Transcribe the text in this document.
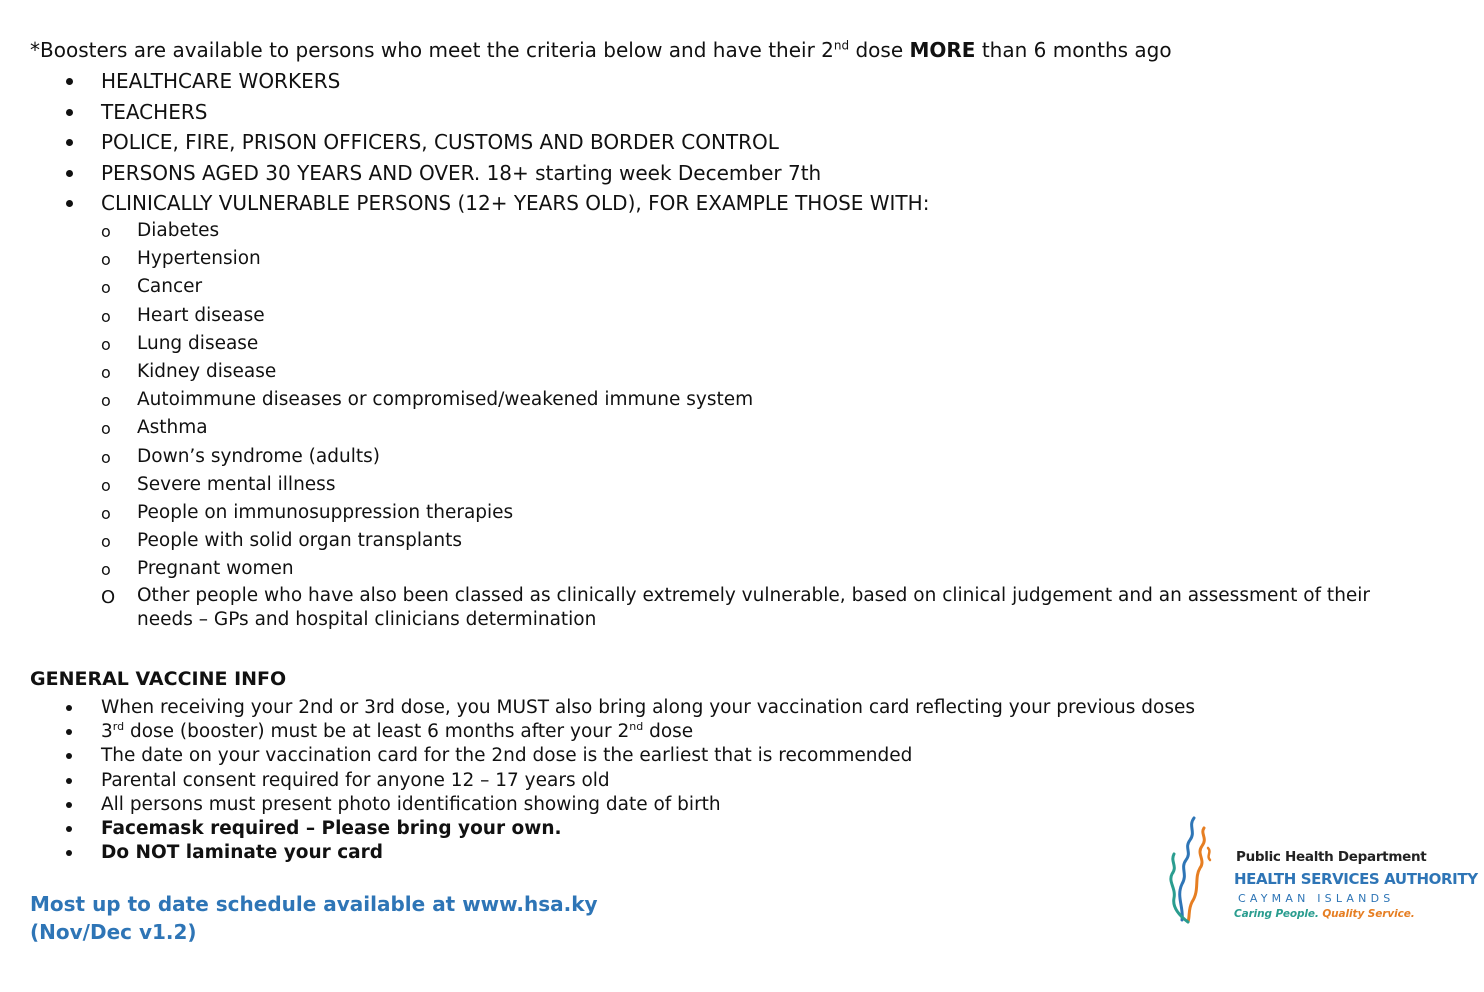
*Boosters are available to persons who meet the criteria below and have their 2nd dose MORE than 6 months ago
HEALTHCARE WORKERS
TEACHERS
POLICE, FIRE, PRISON OFFICERS, CUSTOMS AND BORDER CONTROL
PERSONS AGED 30 YEARS AND OVER. 18+ starting week December 7th
CLINICALLY VULNERABLE PERSONS (12+ YEARS OLD), FOR EXAMPLE THOSE WITH:
o Diabetes
o Hypertension
o Cancer
o Heart disease
o Lung disease
o Kidney disease
o Autoimmune diseases or compromised/weakened immune system
o Asthma
o Down’s syndrome (adults)
o Severe mental illness
o People on immunosuppression therapies
o People with solid organ transplants
o Pregnant women
O Other people who have also been classed as clinically extremely vulnerable, based on clinical judgement and an assessment of their needs – GPs and hospital clinicians determination
GENERAL VACCINE INFO
When receiving your 2nd or 3rd dose, you MUST also bring along your vaccination card reflecting your previous doses
3rd dose (booster) must be at least 6 months after your 2nd dose
The date on your vaccination card for the 2nd dose is the earliest that is recommended
Parental consent required for anyone 12 – 17 years old
All persons must present photo identification showing date of birth
Facemask required – Please bring your own.
Do NOT laminate your card
Most up to date schedule available at www.hsa.ky
(Nov/Dec v1.2)
Public Health Department
HEALTH SERVICES AUTHORITY
CAYMAN ISLANDS
Caring People. Quality Service.
